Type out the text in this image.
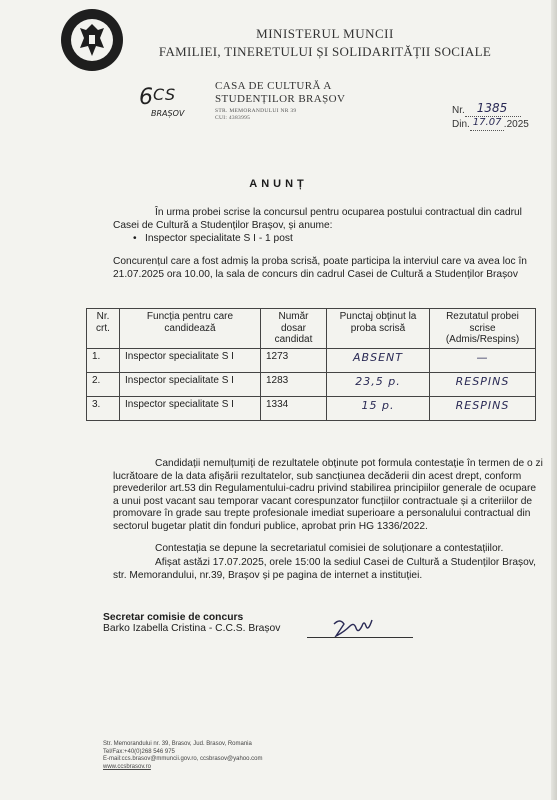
MINISTERUL MUNCII
FAMILIEI, TINERETULUI ȘI SOLIDARITĂȚII SOCIALE
6 C S
BRAȘOV
CASA DE CULTURĂ A
STUDENȚILOR BRAȘOV
STR. MEMORANDULUI NR 39
CUI: 4383995
Nr. 1385

Din. 17.07 .2025
ANUNȚ
În urma probei scrise la concursul pentru ocuparea postului contractual din cadrul Casei de Cultură a Studenților Brașov, și anume:
• Inspector specialitate S I - 1 post
Concurențul care a fost admiș la proba scrisă, poate participa la interviul care va avea loc în 21.07.2025 ora 10.00, la sala de concurs din cadrul Casei de Cultură a Studenților Brașov
Nr. crt.	Funcția pentru care candidează	Număr dosar candidat	Punctaj obținut la proba scrisă	Rezutatul probei scrise (Admis/Respins)
1.	Inspector specialitate S I	1273	ABSENT	—
2.	Inspector specialitate S I	1283	23,5 p.	RESPINS
3.	Inspector specialitate S I	1334	15 p.	RESPINS
Candidații nemulțumiți de rezultatele obținute pot formula contestație în termen de o zi lucrătoare de la data afișării rezultatelor, sub sancțiunea decăderii din acest drept, conform prevederilor art.53 din Regulamentului-cadru privind stabilirea principiilor generale de ocupare a unui post vacant sau temporar vacant corespunzator funcțiilor contractuale și a criteriilor de promovare în grade sau trepte profesionale imediat superioare a personalului contractual din sectorul bugetar platit din fonduri publice, aprobat prin HG 1336/2022.
Contestația se depune la secretariatul comisiei de soluționare a contestațiilor.
Afișat astăzi 17.07.2025, orele 15:00 la sediul Casei de Cultură a Studenților Brașov, str. Memorandului, nr.39, Brașov și pe pagina de internet a instituției.
Secretar comisie de concurs
Barko Izabella Cristina - C.C.S. Brașov
Str. Memorandului nr. 39, Brasov, Jud. Brasov, Romania
Tel/Fax:+40(0)268 546 975
E-mail:ccs.brasov@mmuncii.gov.ro, ccsbrasov@yahoo.com
www.ccsbrasov.ro
